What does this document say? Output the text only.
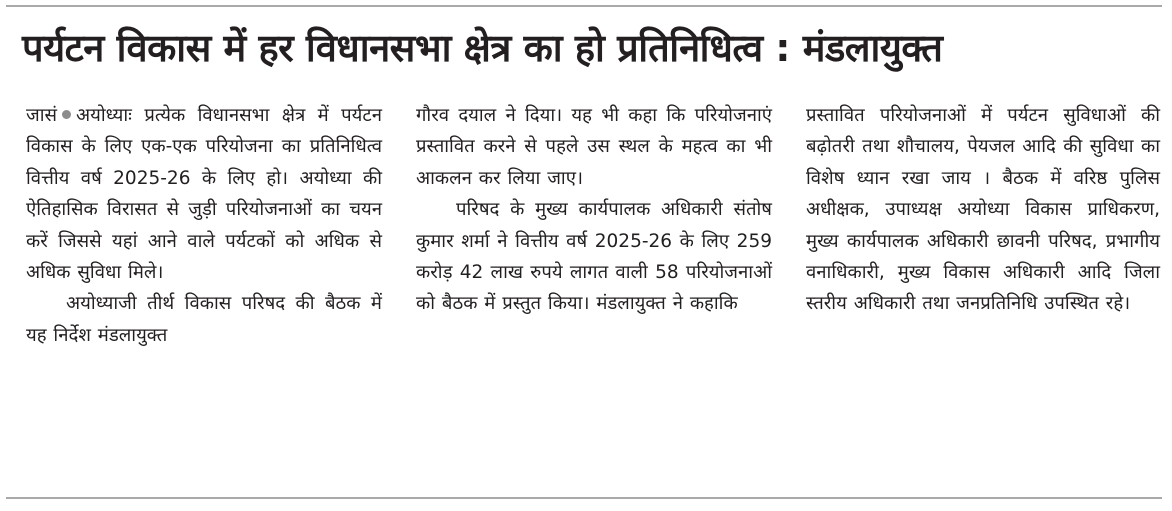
पर्यटन विकास में हर विधानसभा क्षेत्र का हो प्रतिनिधित्व : मंडलायुक्त

जासं अयोध्याः प्रत्येक विधानसभा क्षेत्र में पर्यटन विकास के लिए एक-एक परियोजना का प्रतिनिधित्व वित्तीय वर्ष 2025-26 के लिए हो। अयोध्या की ऐतिहासिक विरासत से जुड़ी परियोजनाओं का चयन करें जिससे यहां आने वाले पर्यटकों को अधिक से अधिक सुविधा मिले।

अयोध्याजी तीर्थ विकास परिषद की बैठक में यह निर्देश मंडलायुक्त

गौरव दयाल ने दिया। यह भी कहा कि परियोजनाएं प्रस्तावित करने से पहले उस स्थल के महत्व का भी आकलन कर लिया जाए।

परिषद के मुख्य कार्यपालक अधिकारी संतोष कुमार शर्मा ने वित्तीय वर्ष 2025-26 के लिए 259 करोड़ 42 लाख रुपये लागत वाली 58 परियोजनाओं को बैठक में प्रस्तुत किया। मंडलायुक्त ने कहाकि

प्रस्तावित परियोजनाओं में पर्यटन सुविधाओं की बढ़ोतरी तथा शौचालय, पेयजल आदि की सुविधा का विशेष ध्यान रखा जाय । बैठक में वरिष्ठ पुलिस अधीक्षक, उपाध्यक्ष अयोध्या विकास प्राधिकरण, मुख्य कार्यपालक अधिकारी छावनी परिषद, प्रभागीय वनाधिकारी, मुख्य विकास अधिकारी आदि जिला स्तरीय अधिकारी तथा जनप्रतिनिधि उपस्थित रहे।
